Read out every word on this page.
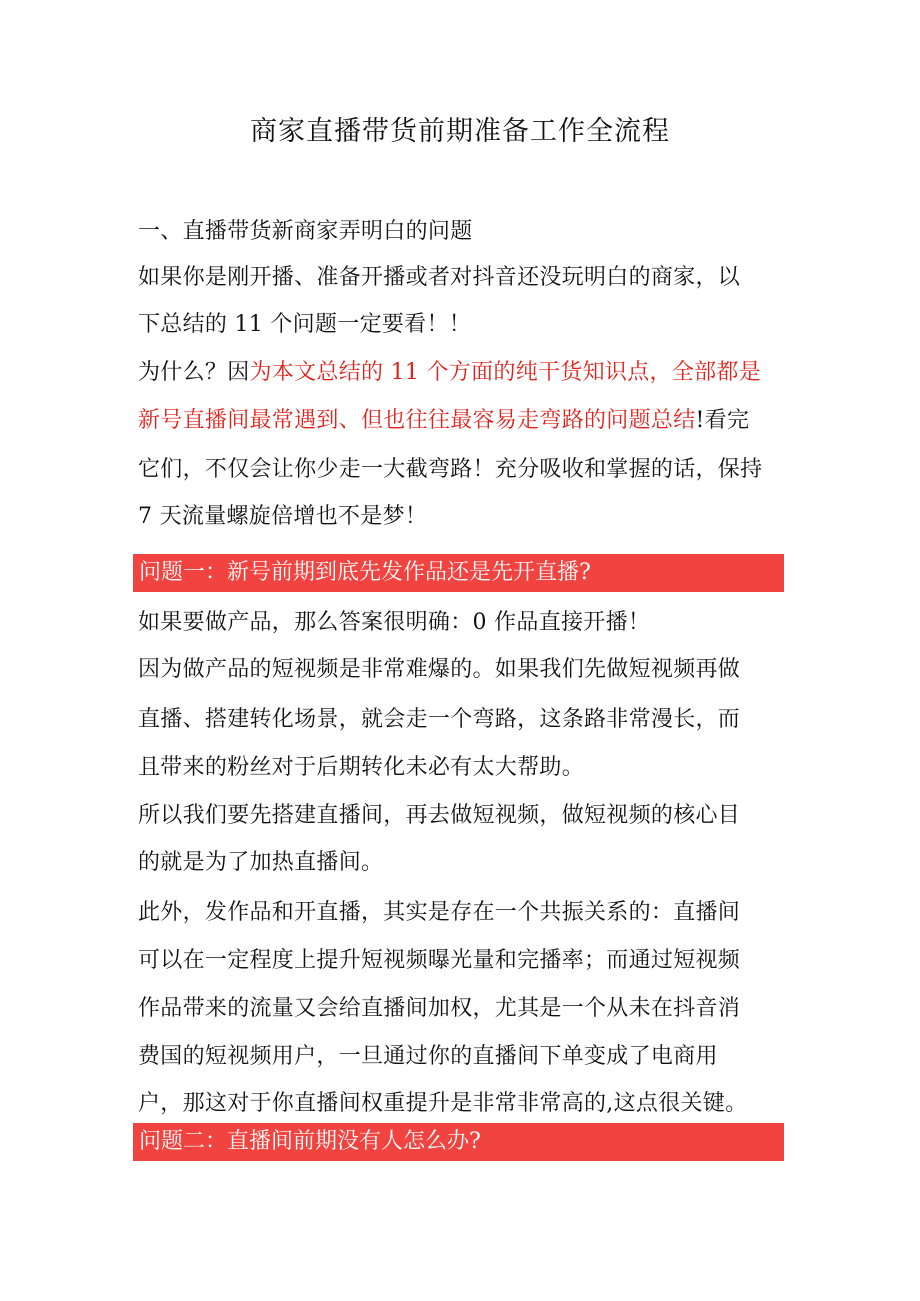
商家直播带货前期准备工作全流程
一、直播带货新商家弄明白的问题
如果你是刚开播、准备开播或者对抖音还没玩明白的商家，以
下总结的 11 个问题一定要看！！
为什么？因为本文总结的 11 个方面的纯干货知识点，全部都是
新号直播间最常遇到、但也往往最容易走弯路的问题总结!看完
它们，不仅会让你少走一大截弯路！充分吸收和掌握的话，保持
7 天流量螺旋倍增也不是梦！
问题一：新号前期到底先发作品还是先开直播?
如果要做产品，那么答案很明确：0 作品直接开播！
因为做产品的短视频是非常难爆的。如果我们先做短视频再做
直播、搭建转化场景，就会走一个弯路，这条路非常漫长，而
且带来的粉丝对于后期转化未必有太大帮助。
所以我们要先搭建直播间，再去做短视频，做短视频的核心目
的就是为了加热直播间。
此外，发作品和开直播，其实是存在一个共振关系的：直播间
可以在一定程度上提升短视频曝光量和完播率；而通过短视频
作品带来的流量又会给直播间加权，尤其是一个从未在抖音消
费国的短视频用户，一旦通过你的直播间下单变成了电商用
户，那这对于你直播间权重提升是非常非常高的,这点很关键。
问题二：直播间前期没有人怎么办?
